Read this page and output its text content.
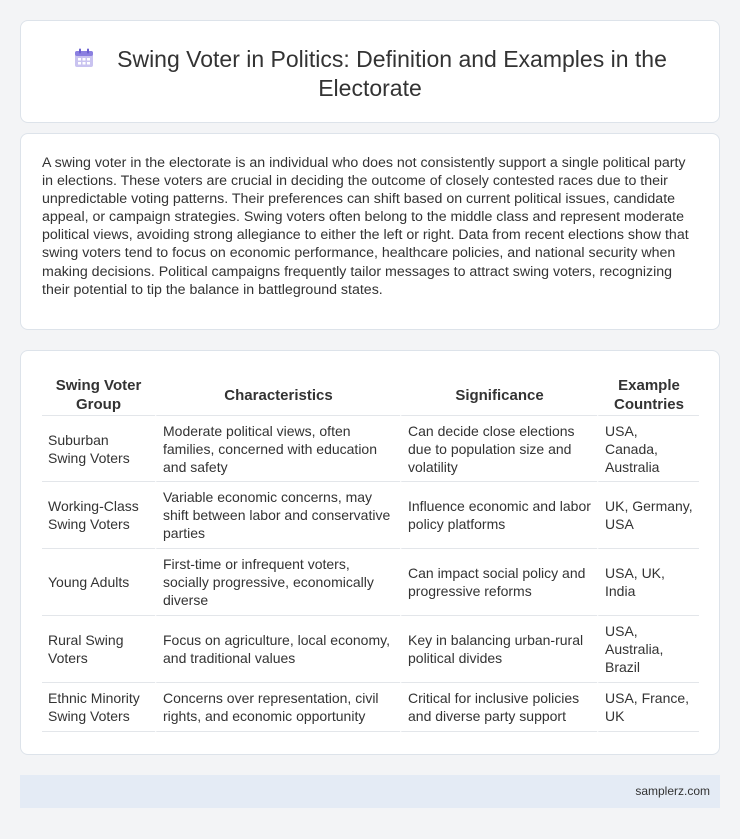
Swing Voter in Politics: Definition and Examples in the
Electorate

A swing voter in the electorate is an individual who does not consistently support a single political party in elections. These voters are crucial in deciding the outcome of closely contested races due to their unpredictable voting patterns. Their preferences can shift based on current political issues, candidate appeal, or campaign strategies. Swing voters often belong to the middle class and represent moderate political views, avoiding strong allegiance to either the left or right. Data from recent elections show that swing voters tend to focus on economic performance, healthcare policies, and national security when making decisions. Political campaigns frequently tailor messages to attract swing voters, recognizing their potential to tip the balance in battleground states.

Swing Voter Group	Characteristics	Significance	Example Countries
Suburban Swing Voters	Moderate political views, often families, concerned with education and safety	Can decide close elections due to population size and volatility	USA, Canada, Australia
Working-Class Swing Voters	Variable economic concerns, may shift between labor and conservative parties	Influence economic and labor policy platforms	UK, Germany, USA
Young Adults	First-time or infrequent voters, socially progressive, economically diverse	Can impact social policy and progressive reforms	USA, UK, India
Rural Swing Voters	Focus on agriculture, local economy, and traditional values	Key in balancing urban-rural political divides	USA, Australia, Brazil
Ethnic Minority Swing Voters	Concerns over representation, civil rights, and economic opportunity	Critical for inclusive policies and diverse party support	USA, France, UK
samplerz.com
